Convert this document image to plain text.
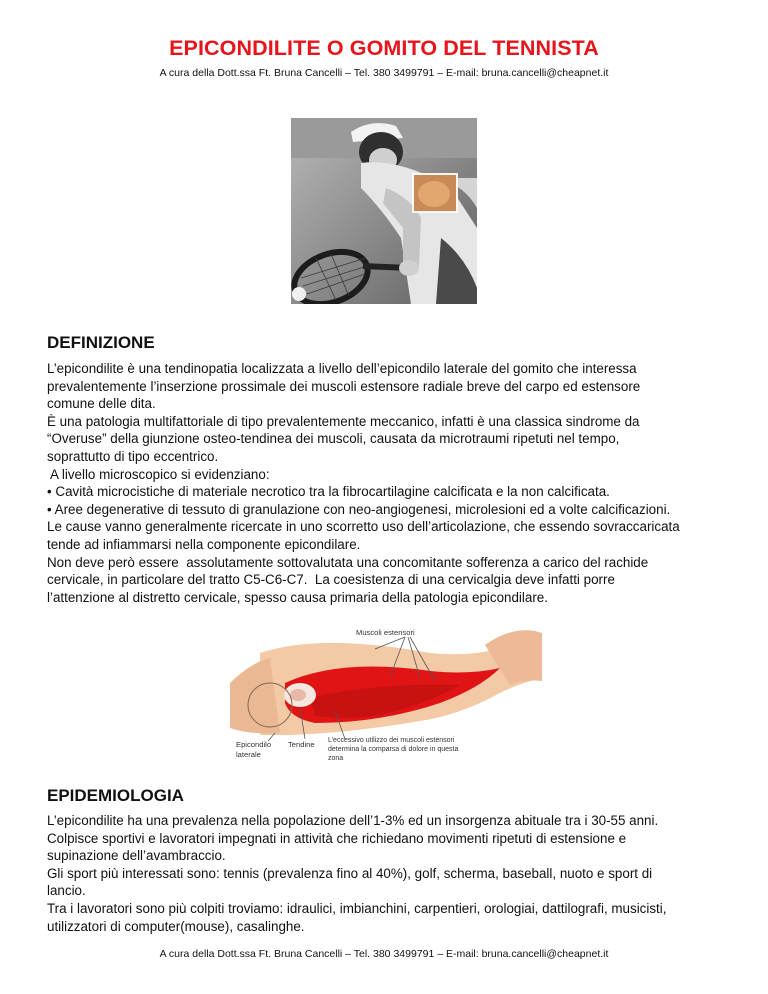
EPICONDILITE O GOMITO DEL TENNISTA
A cura della Dott.ssa Ft. Bruna Cancelli – Tel. 380 3499791 – E-mail: bruna.cancelli@cheapnet.it
DEFINIZIONE

L’epicondilite è una tendinopatia localizzata a livello dell’epicondilo laterale del gomito che interessa

prevalentemente l’inserzione prossimale dei muscoli estensore radiale breve del carpo ed estensore

comune delle dita.

È una patologia multifattoriale di tipo prevalentemente meccanico, infatti è una classica sindrome da

“Overuse” della giunzione osteo-tendinea dei muscoli, causata da microtraumi ripetuti nel tempo,

soprattutto di tipo eccentrico.

A livello microscopico si evidenziano:

• Cavità microcistiche di materiale necrotico tra la fibrocartilagine calcificata e la non calcificata.

• Aree degenerative di tessuto di granulazione con neo-angiogenesi, microlesioni ed a volte calcificazioni.

Le cause vanno generalmente ricercate in uno scorretto uso dell’articolazione, che essendo sovraccaricata

tende ad infiammarsi nella componente epicondilare.

Non deve però essere  assolutamente sottovalutata una concomitante sofferenza a carico del rachide

cervicale, in particolare del tratto C5-C6-C7.  La coesistenza di una cervicalgia deve infatti porre

l’attenzione al distretto cervicale, spesso causa primaria della patologia epicondilare.

Muscoli estensori
Epicondilo
laterale
Tendine L’eccessivo utilizzo dei muscoli estensori
determina la comparsa di dolore in questa
zona
EPIDEMIOLOGIA

L’epicondilite ha una prevalenza nella popolazione dell’1-3% ed un insorgenza abituale tra i 30-55 anni.

Colpisce sportivi e lavoratori impegnati in attività che richiedano movimenti ripetuti di estensione e

supinazione dell’avambraccio.

Gli sport più interessati sono: tennis (prevalenza fino al 40%), golf, scherma, baseball, nuoto e sport di

lancio.

Tra i lavoratori sono più colpiti troviamo: idraulici, imbianchini, carpentieri, orologiai, dattilografi, musicisti,

utilizzatori di computer(mouse), casalinghe.

A cura della Dott.ssa Ft. Bruna Cancelli – Tel. 380 3499791 – E-mail: bruna.cancelli@cheapnet.it
